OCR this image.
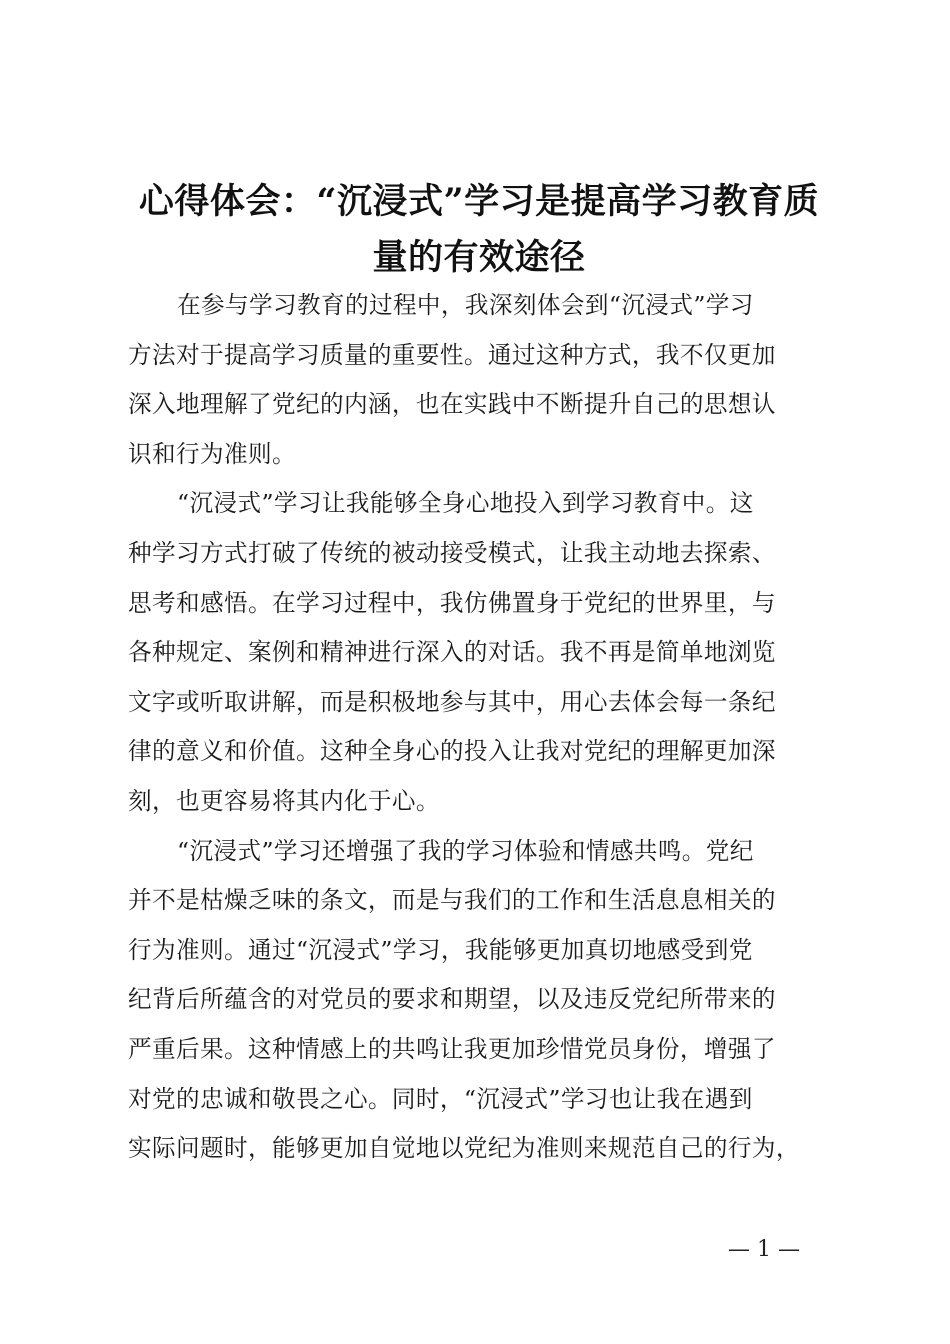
心得体会：“沉浸式”学习是提高学习教育质
量的有效途径

在参与学习教育的过程中，我深刻体会到“沉浸式”学习
方法对于提高学习质量的重要性。通过这种方式，我不仅更加
深入地理解了党纪的内涵，也在实践中不断提升自己的思想认
识和行为准则。

“沉浸式”学习让我能够全身心地投入到学习教育中。这
种学习方式打破了传统的被动接受模式，让我主动地去探索、
思考和感悟。在学习过程中，我仿佛置身于党纪的世界里，与
各种规定、案例和精神进行深入的对话。我不再是简单地浏览
文字或听取讲解，而是积极地参与其中，用心去体会每一条纪
律的意义和价值。这种全身心的投入让我对党纪的理解更加深
刻，也更容易将其内化于心。

“沉浸式”学习还增强了我的学习体验和情感共鸣。党纪
并不是枯燥乏味的条文，而是与我们的工作和生活息息相关的
行为准则。通过“沉浸式”学习，我能够更加真切地感受到党
纪背后所蕴含的对党员的要求和期望，以及违反党纪所带来的
严重后果。这种情感上的共鸣让我更加珍惜党员身份，增强了
对党的忠诚和敬畏之心。同时，“沉浸式”学习也让我在遇到
实际问题时，能够更加自觉地以党纪为准则来规范自己的行为，

— 1 —
